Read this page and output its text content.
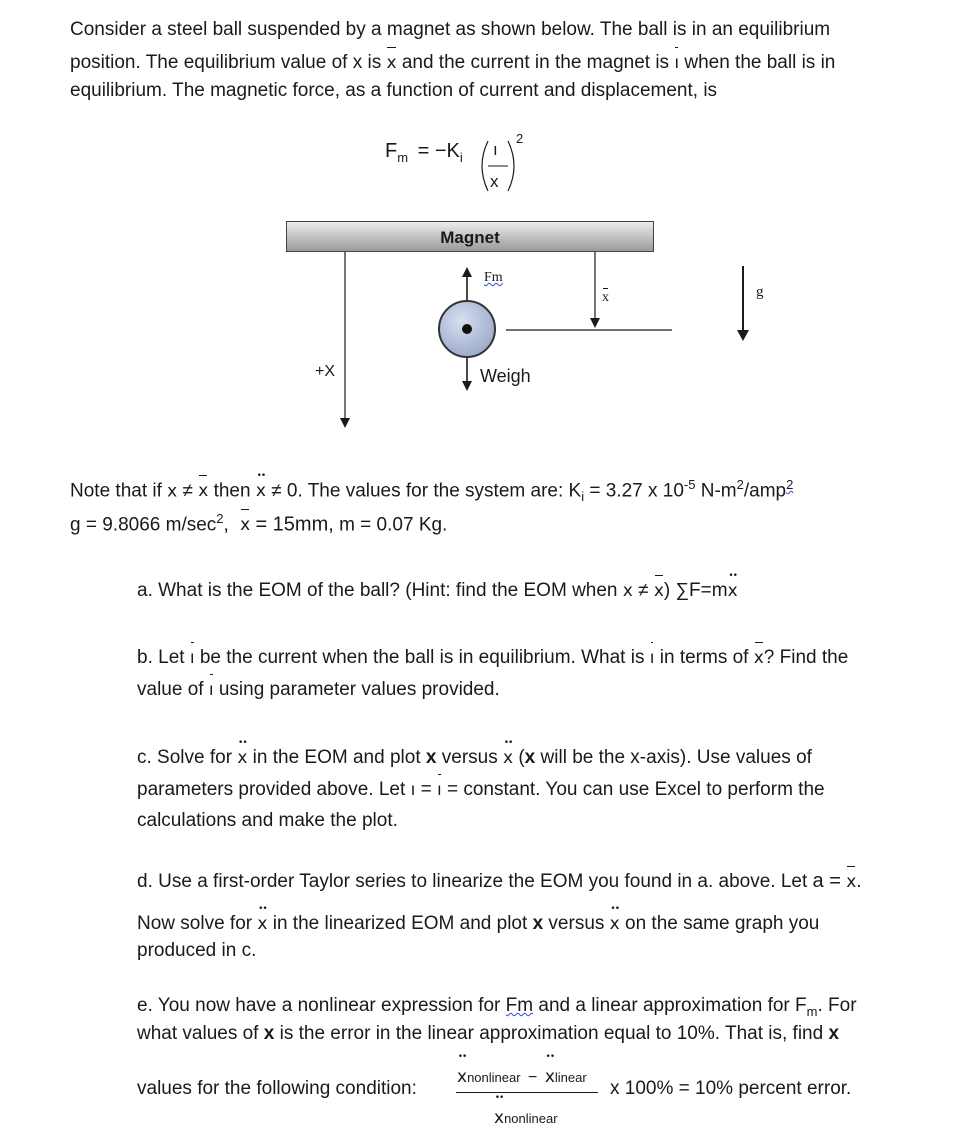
Consider a steel ball suspended by a magnet as shown below. The ball is in an equilibrium
position. The equilibrium value of x is x and the current in the magnet is ı when the ball is in
equilibrium. The magnetic force, as a function of current and displacement, is
$F_m = -K_i$ ı
x
2
Magnet
Fm
x	g
+X	Weigh
Note that if x ≠ x then •• x ≠ 0. The values for the system are: $K_i = 3.27$ x $10^{-5}$ $N-m^2/amp^2$
g = 9.8066 $m/\sec^2$, x = 15mm, m = 0.07 Kg.
a. What is the EOM of the ball? (Hint: find the EOM when x ≠ x) ∑F=m•• x
b. Let ı be the current when the ball is in equilibrium. What is ı in terms of x? Find the
value of ı using parameter values provided.
c. Solve for •• x in the EOM and plot x versus •• x (x will be the x-axis). Use values of
parameters provided above. Let ı = ı = constant. You can use Excel to perform the
calculations and make the plot.
d. Use a first-order Taylor series to linearize the EOM you found in a. above. Let a = x.
Now solve for •• x in the linearized EOM and plot x versus •• x on the same graph you
produced in c.
e. You now have a nonlinear expression for Fm and a linear approximation for $F_m$. For
what values of x is the error in the linear approximation equal to 10%. That is, find x
values for the following condition:
•• xnonlinear − •• xlinear
•• xnonlinear
x 100% = 10% percent error.
